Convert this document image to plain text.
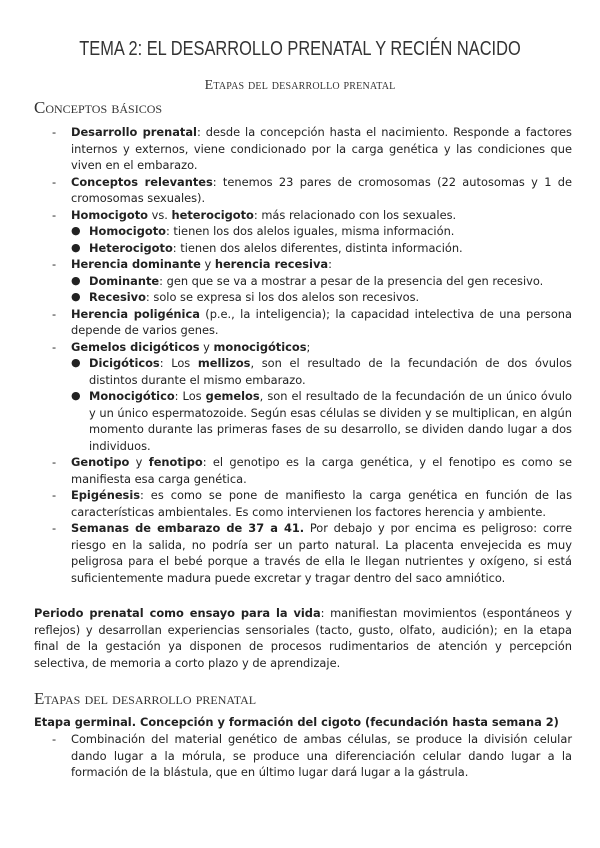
TEMA 2: EL DESARROLLO PRENATAL Y RECIÉN NACIDO
Etapas del desarrollo prenatal
Conceptos básicos
- Desarrollo prenatal: desde la concepción hasta el nacimiento. Responde a factores internos y externos, viene condicionado por la carga genética y las condiciones que viven en el embarazo.
- Conceptos relevantes: tenemos 23 pares de cromosomas (22 autosomas y 1 de cromosomas sexuales).
- Homocigoto vs. heterocigoto: más relacionado con los sexuales.
● Homocigoto: tienen los dos alelos iguales, misma información.
● Heterocigoto: tienen dos alelos diferentes, distinta información.
- Herencia dominante y herencia recesiva:
● Dominante: gen que se va a mostrar a pesar de la presencia del gen recesivo.
● Recesivo: solo se expresa si los dos alelos son recesivos.
- Herencia poligénica (p.e., la inteligencia); la capacidad intelectiva de una persona depende de varios genes.
- Gemelos dicigóticos y monocigóticos;
● Dicigóticos: Los mellizos, son el resultado de la fecundación de dos óvulos distintos durante el mismo embarazo.
● Monocigótico: Los gemelos, son el resultado de la fecundación de un único óvulo y un único espermatozoide. Según esas células se dividen y se multiplican, en algún momento durante las primeras fases de su desarrollo, se dividen dando lugar a dos individuos.
- Genotipo y fenotipo: el genotipo es la carga genética, y el fenotipo es como se manifiesta esa carga genética.
- Epigénesis: es como se pone de manifiesto la carga genética en función de las características ambientales. Es como intervienen los factores herencia y ambiente.
- Semanas de embarazo de 37 a 41. Por debajo y por encima es peligroso: corre riesgo en la salida, no podría ser un parto natural. La placenta envejecida es muy peligrosa para el bebé porque a través de ella le llegan nutrientes y oxígeno, si está suficientemente madura puede excretar y tragar dentro del saco amniótico.
Periodo prenatal como ensayo para la vida: manifiestan movimientos (espontáneos y reflejos) y desarrollan experiencias sensoriales (tacto, gusto, olfato, audición); en la etapa final de la gestación ya disponen de procesos rudimentarios de atención y percepción selectiva, de memoria a corto plazo y de aprendizaje.
Etapas del desarrollo prenatal
Etapa germinal. Concepción y formación del cigoto (fecundación hasta semana 2)
- Combinación del material genético de ambas células, se produce la división celular dando lugar a la mórula, se produce una diferenciación celular dando lugar a la formación de la blástula, que en último lugar dará lugar a la gástrula.
